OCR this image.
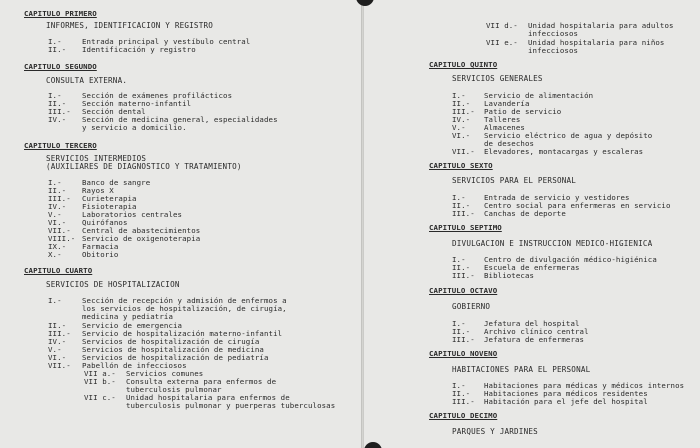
CAPITULO PRIMERO
INFORMES, IDENTIFICACION Y REGISTRO
I.-	Entrada principal y vestíbulo central
II.- Identificación y registro
CAPITULO SEGUNDO
CONSULTA EXTERNA.
I.-	Sección de exámenes profilácticos
II.- Sección materno-infantil
III.- Sección dental
IV.- Sección de medicina general, especialidades
y servicio a domicilio.
CAPITULO TERCERO
SERVICIOS INTERMEDIOS
(AUXILIARES DE DIAGNOSTICO Y TRATAMIENTO)
I.-	Banco de sangre
II.- Rayos X
III.- Curieterapia
IV.- Fisioterapia
V.-	Laboratorios centrales
VI.- Quirófanos
VII.- Central de abastecimientos
VIII.- Servicio de oxigenoterapia
IX.- Farmacia
X.-	Obitorio
CAPITULO CUARTO
SERVICIOS DE HOSPITALIZACION
I.-	Sección de recepción y admisión de enfermos a
los servicios de hospitalización, de cirugía,
medicina y pediatría
II.- Servicio de emergencia
III.- Servicio de hospitalización materno-infantil
IV.- Servicios de hospitalización de cirugía
V.-	Servicios de hospitalización de medicina
VI.- Servicios de hospitalización de pediatría
VII.- Pabellón de infecciosos
VII a.- Servicios comunes
VII b.- Consulta externa para enfermos de
tuberculosis pulmonar
VII c.- Unidad hospitalaria para enfermos de
tuberculosis pulmonar y puerperas tuberculosas
VII d.- Unidad hospitalaria para adultos
infecciosos
VII e.- Unidad hospitalaria para niños
infecciosos
CAPITULO QUINTO
SERVICIOS GENERALES
I.- Servicio de alimentación
II.- Lavandería
III.- Patio de servicio
IV.- Talleres
V.- Almacenes
VI.- Servicio eléctrico de agua y depósito
de desechos
VII.- Elevadores, montacargas y escaleras
CAPITULO SEXTO
SERVICIOS PARA EL PERSONAL
I.- Entrada de servicio y vestidores
II.- Centro social para enfermeras en servicio
III.- Canchas de deporte
CAPITULO SEPTIMO
DIVULGACION E INSTRUCCION MEDICO-HIGIENICA
I.- Centro de divulgación médico-higiénica
II.- Escuela de enfermeras
III.- Bibliotecas
CAPITULO OCTAVO
GOBIERNO
I.- Jefatura del hospital
II.- Archivo clínico central
III.- Jefatura de enfermeras
CAPITULO NOVENO
HABITACIONES PARA EL PERSONAL
I.- Habitaciones para médicas y médicos internos
II.- Habitaciones para médicos residentes
III.- Habitación para el jefe del hospital
CAPITULO DECIMO
PARQUES Y JARDINES
